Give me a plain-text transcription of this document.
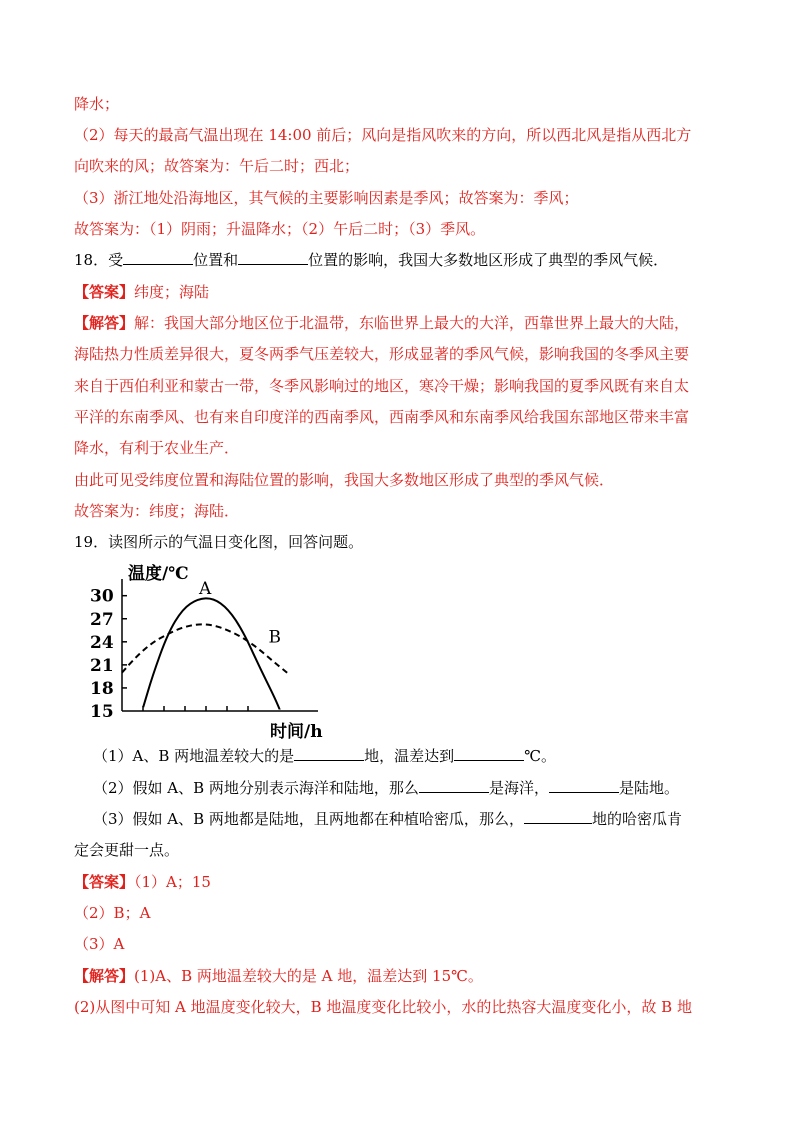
降水；
（2）每天的最高气温出现在 14:00 前后；风向是指风吹来的方向，所以西北风是指从西北方
向吹来的风；故答案为：午后二时；西北；
（3）浙江地处沿海地区，其气候的主要影响因素是季风；故答案为：季风；
故答案为：（1）阴雨；升温降水；（2）午后二时；（3）季风。
18．受	位置和	位置的影响，我国大多数地区形成了典型的季风气候．
【答案】纬度；海陆
【解答】解：我国大部分地区位于北温带，东临世界上最大的大洋，西靠世界上最大的大陆，
海陆热力性质差异很大，夏冬两季气压差较大，形成显著的季风气候，影响我国的冬季风主要
来自于西伯利亚和蒙古一带，冬季风影响过的地区，寒冷干燥；影响我国的夏季风既有来自太
平洋的东南季风、也有来自印度洋的西南季风，西南季风和东南季风给我国东部地区带来丰富
降水，有利于农业生产．
由此可见受纬度位置和海陆位置的影响，我国大多数地区形成了典型的季风气候．
故答案为：纬度；海陆．
19．读图所示的气温日变化图，回答问题。
温度/℃
时间/h
30
27
24
21
18
15
A
B
（1）A、B 两地温差较大的是	地，温差达到	℃。
（2）假如 A、B 两地分别表示海洋和陆地，那么	是海洋，	是陆地。
（3）假如 A、B 两地都是陆地，且两地都在种植哈密瓜，那么，	地的哈密瓜肯
定会更甜一点。
【答案】（1）A；15
（2）B；A
（3）A
【解答】(1)A、B 两地温差较大的是 A 地，温差达到 15℃。
(2)从图中可知 A 地温度变化较大，B 地温度变化比较小，水的比热容大温度变化小，故 B 地
